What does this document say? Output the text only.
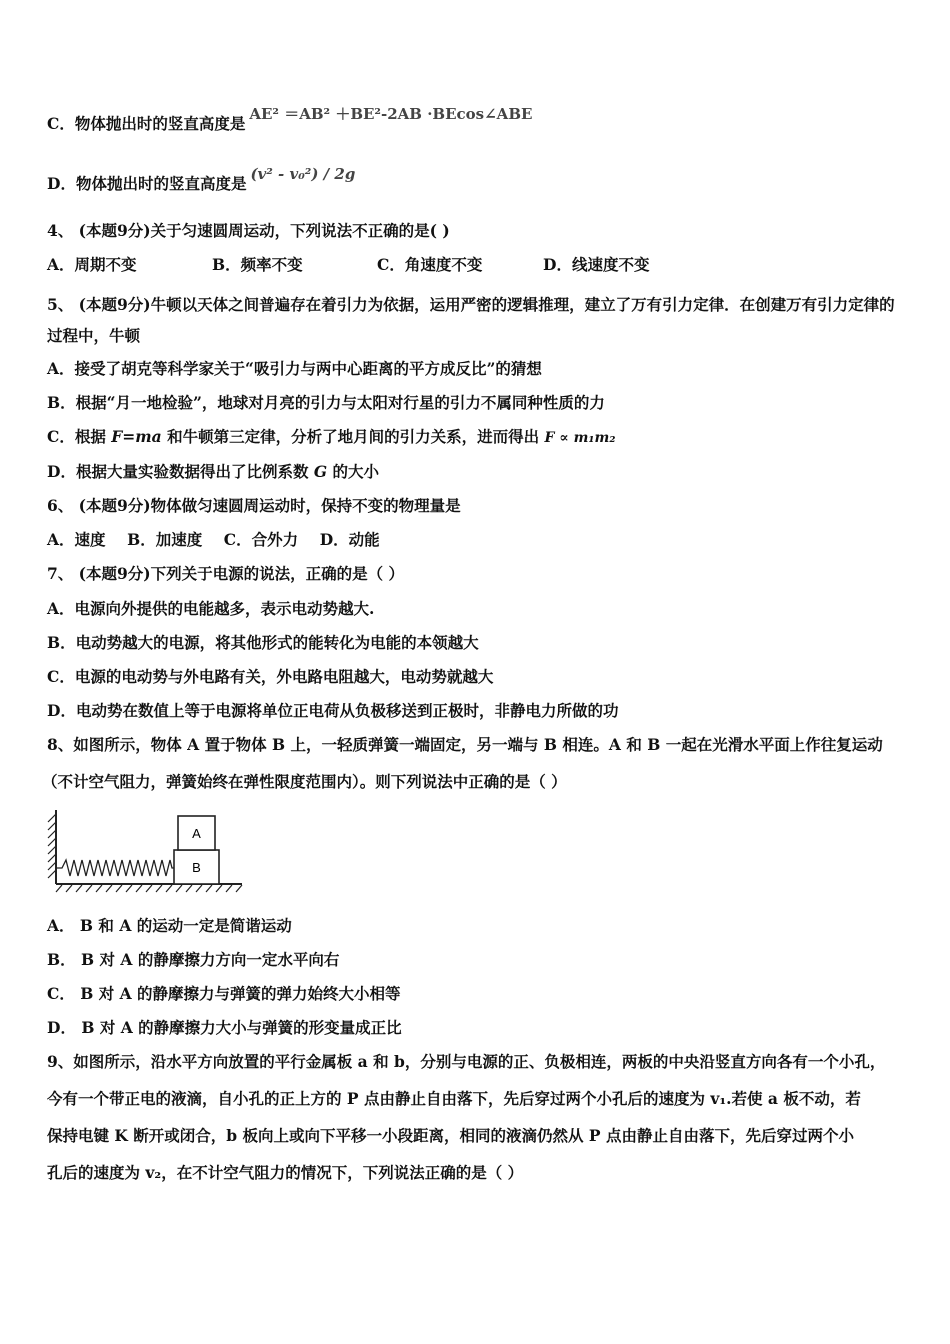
C．物体抛出时的竖直高度是 AE² ＝AB² ＋BE²-2AB ·BEcos∠ABE
D．物体抛出时的竖直高度是 (v² - v₀²) / 2g
4、 (本题9分)关于匀速圆周运动，下列说法不正确的是( )
A．周期不变	B．频率不变	C．角速度不变	D．线速度不变
5、 (本题9分)牛顿以天体之间普遍存在着引力为依据，运用严密的逻辑推理，建立了万有引力定律．在创建万有引力定律的过程中，牛顿
A．接受了胡克等科学家关于“吸引力与两中心距离的平方成反比”的猜想
B．根据“月一地检验”，地球对月亮的引力与太阳对行星的引力不属同种性质的力
C．根据 F=ma 和牛顿第三定律，分析了地月间的引力关系，进而得出 F ∝ m₁m₂
D．根据大量实验数据得出了比例系数 G 的大小
6、 (本题9分)物体做匀速圆周运动时，保持不变的物理量是
A．速度    B．加速度    C．合外力    D．动能
7、 (本题9分)下列关于电源的说法，正确的是（ ）
A．电源向外提供的电能越多，表示电动势越大.
B．电动势越大的电源，将其他形式的能转化为电能的本领越大
C．电源的电动势与外电路有关，外电路电阻越大，电动势就越大
D．电动势在数值上等于电源将单位正电荷从负极移送到正极时，非静电力所做的功
8、如图所示，物体 A 置于物体 B 上，一轻质弹簧一端固定，另一端与 B 相连。A 和 B 一起在光滑水平面上作往复运动
（不计空气阻力，弹簧始终在弹性限度范围内）。则下列说法中正确的是（ ）
B
A
A． B 和 A 的运动一定是简谐运动
B． B 对 A 的静摩擦力方向一定水平向右
C． B 对 A 的静摩擦力与弹簧的弹力始终大小相等
D． B 对 A 的静摩擦力大小与弹簧的形变量成正比
9、如图所示，沿水平方向放置的平行金属板 a 和 b，分别与电源的正、负极相连，两板的中央沿竖直方向各有一个小孔，
今有一个带正电的液滴，自小孔的正上方的 P 点由静止自由落下，先后穿过两个小孔后的速度为 v₁.若使 a 板不动，若
保持电键 K 断开或闭合，b 板向上或向下平移一小段距离，相同的液滴仍然从 P 点由静止自由落下，先后穿过两个小
孔后的速度为 v₂，在不计空气阻力的情况下，下列说法正确的是（ ）
